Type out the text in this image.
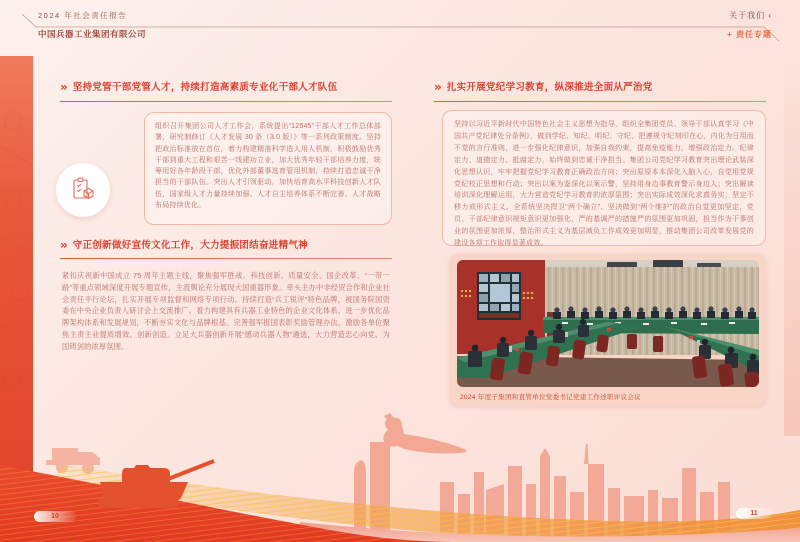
2024 年社会责任报告
中国兵器工业集团有限公司
关于我们 ‹
+ 责任专题
» 坚持党管干部党管人才，持续打造高素质专业化干部人才队伍
组织召开集团公司人才工作会，系统提出“12545”干部人才工作总体部署，研究制修订《人才发展 30 条（3.0 版）》等一系列政策制度。坚持把政治标准放在首位，着力构建精准科学选人用人机制，积极鼓励优秀干部到重大工程和艰苦一线建功立业，加大优秀年轻干部培养力度，统筹用好各年龄段干部，优化外部董事选育管用机制，持续打造忠诚干净担当的干部队伍。突出人才引领驱动，加快培育高水平科技创新人才队伍，国家级人才力量持续加强、人才自主培养体系不断完善、人才战略布局持续优化。
» 守正创新做好宣传文化工作，大力提振团结奋进精气神
紧扣庆祝新中国成立 75 周年主题主线，聚焦强军胜战、科技创新、质量安全、国企改革、“一带一路”等重点领域深度开展专题宣传，主流舆论充分展现大国重器形象。牵头主办中非经贸合作和企业社会责任平行论坛，扎实开展专项监督和网络专项行动。持续打造“兵工锐评”特色品牌，被国务院国资委在中央企业负责人研讨会上交流推广。着力构建具有兵器工业特色的企业文化体系，进一步优化品牌架构体系和发展规划，不断夯实文化与品牌根基。完善强军报国表彰奖励管理办法，激励各单位聚焦主责主业提质增效、创新创造。立足大兵器创新开展“感动兵器人物”遴选，大力营造忠心向党、为国铸剑的浓厚氛围。
» 扎实开展党纪学习教育，纵深推进全面从严治党
坚持以习近平新时代中国特色社会主义思想为指导，组织全集团党员、领导干部认真学习《中国共产党纪律处分条例》，做到学纪、知纪、明纪、守纪，把遵规守纪刻印在心，内化为日用而不觉的言行准则，进一步强化纪律意识，加强自我约束，提高免疫能力，增强政治定力、纪律定力、道德定力、抵腐定力，始终做到忠诚干净担当。集团公司党纪学习教育突出理论武装深化思想认识，牢牢把握党纪学习教育正确政治方向；突出原原本本深化入脑入心，自觉用党规党纪校正思想和行动；突出以案为鉴深化以案示警，坚持用身边事教育警示身边人；突出解读培训深化理解运用，大力营造党纪学习教育的浓厚氛围；突出实际成效深化求真务实，坚定不移力戒形式主义。全系统坚决捍卫“两个确立”、坚决做到“两个维护”的政治自觉更加坚定，党员、干部纪律意识规矩意识更加强化，严的基调严的措施严的氛围更加巩固，担当作为干事创业的氛围更加浓厚，整治形式主义为基层减负工作成效更加明显，推动集团公司改革发展党的建设各项工作取得显著成效。
2024 年度子集团和直管单位党委书记党建工作述职评议会议
10	11
